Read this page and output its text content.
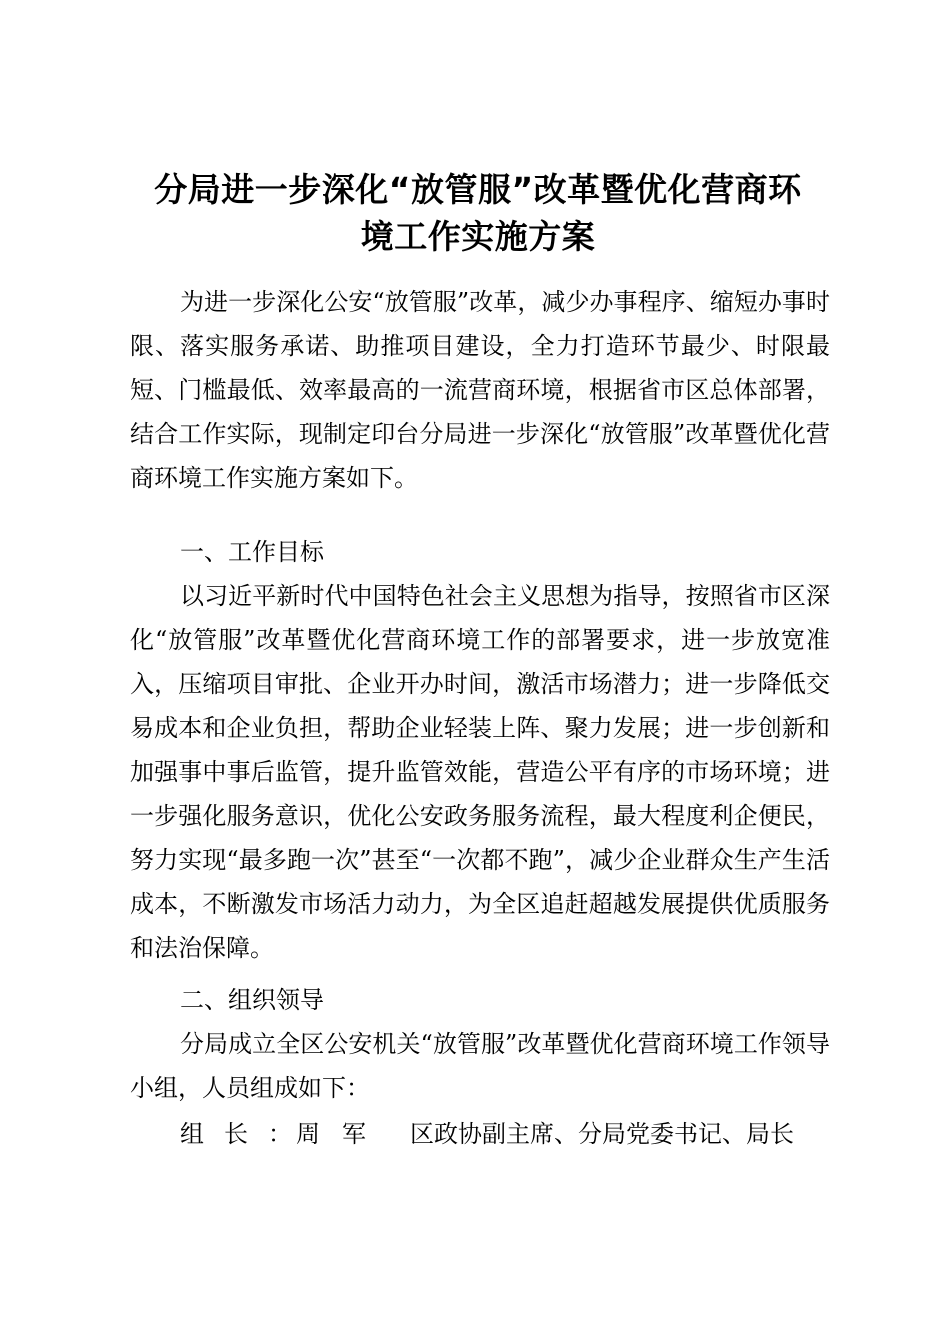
分局进一步深化“放管服”改革暨优化营商环
境工作实施方案

为进一步深化公安“放管服”改革，减少办事程序、缩短办事时限、落实服务承诺、助推项目建设，全力打造环节最少、时限最短、门槛最低、效率最高的一流营商环境，根据省市区总体部署，结合工作实际，现制定印台分局进一步深化“放管服”改革暨优化营商环境工作实施方案如下。

一、工作目标

以习近平新时代中国特色社会主义思想为指导，按照省市区深化“放管服”改革暨优化营商环境工作的部署要求，进一步放宽准入，压缩项目审批、企业开办时间，激活市场潜力；进一步降低交易成本和企业负担，帮助企业轻装上阵、聚力发展；进一步创新和加强事中事后监管，提升监管效能，营造公平有序的市场环境；进一步强化服务意识，优化公安政务服务流程，最大程度利企便民，努力实现“最多跑一次”甚至“一次都不跑”，减少企业群众生产生活成本，不断激发市场活力动力，为全区追赶超越发展提供优质服务和法治保障。

二、组织领导

分局成立全区公安机关“放管服”改革暨优化营商环境工作领导小组，人员组成如下：

组长：
周军 区政协副主席、分局党委书记、局长
